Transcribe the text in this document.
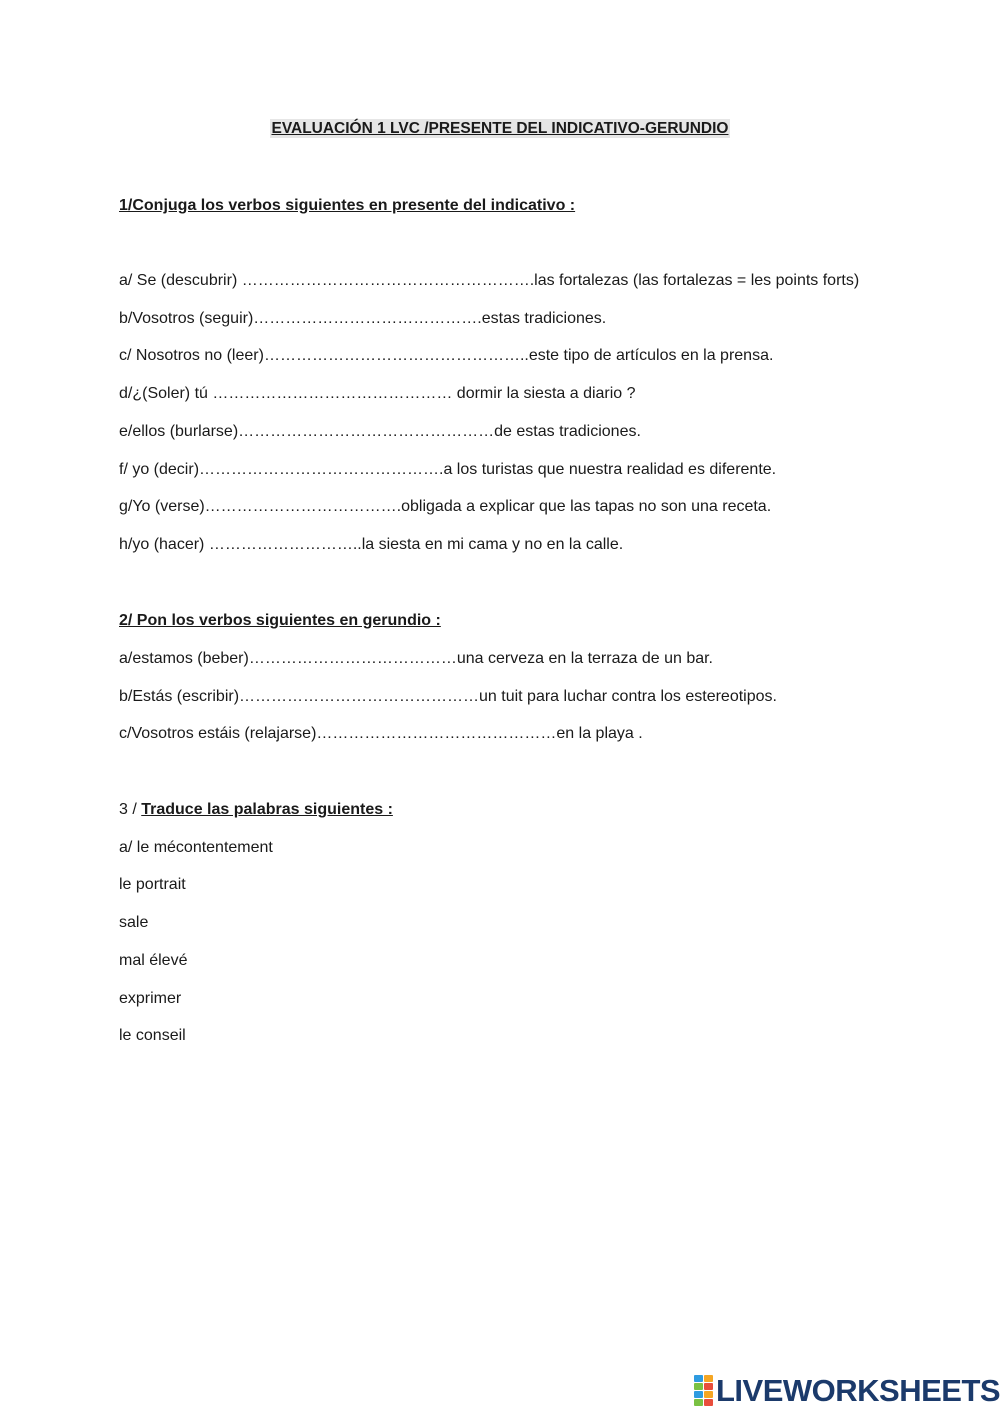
EVALUACIÓN 1 LVC /PRESENTE DEL INDICATIVO-GERUNDIO
1/Conjuga los verbos siguientes en presente del indicativo :
a/ Se (descubrir) ……………………………………………….las fortalezas (las fortalezas = les points forts)
b/Vosotros (seguir)…………………………………….estas tradiciones.
c/ Nosotros no (leer)…………………………………………..este tipo de artículos en la prensa.
d/¿(Soler) tú ……………………………………… dormir la siesta a diario ?
e/ellos (burlarse)…………………………………………de estas tradiciones.
f/ yo (decir)……………………………………….a los turistas que nuestra realidad es diferente.
g/Yo (verse)……………………………….obligada a explicar que las tapas no son una receta.
h/yo (hacer) ………………………..la siesta en mi cama y no en la calle.
2/ Pon los verbos siguientes en gerundio :
a/estamos (beber)…………………………………una cerveza en la terraza de un bar.
b/Estás (escribir)………………………………………un tuit para luchar contra los estereotipos.
c/Vosotros estáis (relajarse)………………………………………en la playa .
3 / Traduce las palabras siguientes :
a/ le mécontentement
le portrait
sale
mal élevé
exprimer
le conseil
LIVEWORKSHEETS
